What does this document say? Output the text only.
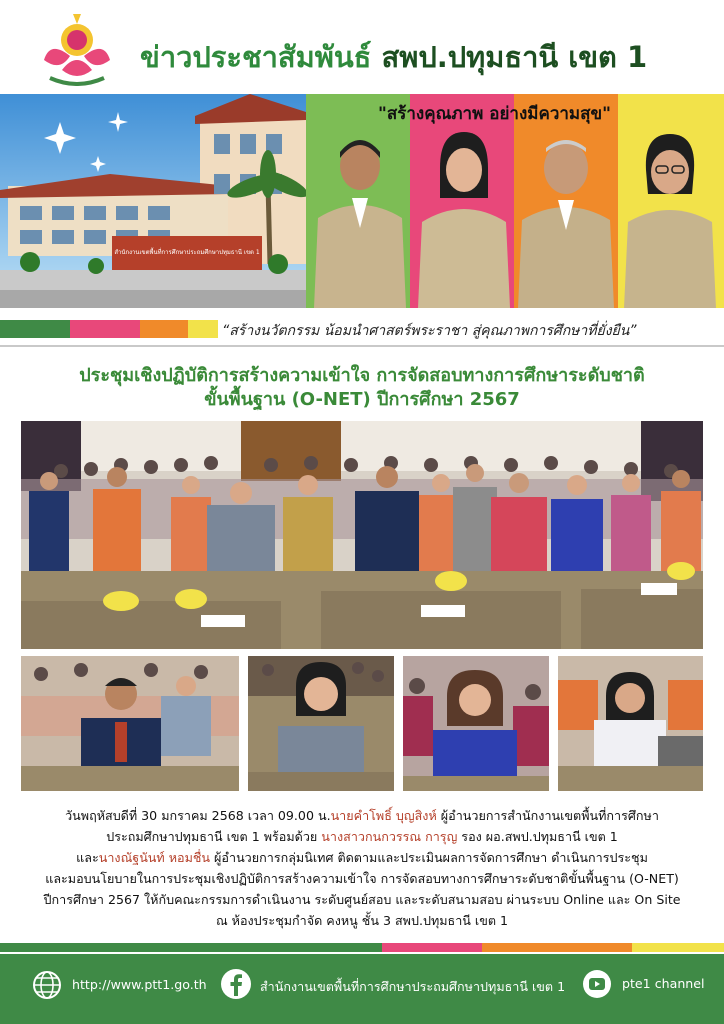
ข่าวประชาสัมพันธ์ สพป.ปทุมธานี เขต 1
สำนักงานเขตพื้นที่การศึกษาประถมศึกษาปทุมธานี เขต 1
"สร้างคุณภาพ อย่างมีความสุข"
“สร้างนวัตกรรม น้อมนำศาสตร์พระราชา สู่คุณภาพการศึกษาที่ยั่งยืน”
ประชุมเชิงปฏิบัติการสร้างความเข้าใจ การจัดสอบทางการศึกษาระดับชาติ
ขั้นพื้นฐาน (O-NET) ปีการศึกษา 2567
วันพฤหัสบดีที่ 30 มกราคม 2568 เวลา 09.00 น.นายคำโพธิ์ บุญสิงห์ ผู้อำนวยการสำนักงานเขตพื้นที่การศึกษา
ประถมศึกษาปทุมธานี เขต 1 พร้อมด้วย นางสาวกนกวรรณ การุญ รอง ผอ.สพป.ปทุมธานี เขต 1
และนางณัฐนันท์ หอมชื่น ผู้อำนวยการกลุ่มนิเทศ ติดตามและประเมินผลการจัดการศึกษา ดำเนินการประชุม
และมอบนโยบายในการประชุมเชิงปฏิบัติการสร้างความเข้าใจ การจัดสอบทางการศึกษาระดับชาติขั้นพื้นฐาน (O-NET)
ปีการศึกษา 2567 ให้กับคณะกรรมการดำเนินงาน ระดับศูนย์สอบ และระดับสนามสอบ ผ่านระบบ Online และ On Site
ณ ห้องประชุมกำจัด คงหนู ชั้น 3 สพป.ปทุมธานี เขต 1
http://www.ptt1.go.th	สำนักงานเขตพื้นที่การศึกษาประถมศึกษาปทุมธานี เขต 1	pte1 channel
